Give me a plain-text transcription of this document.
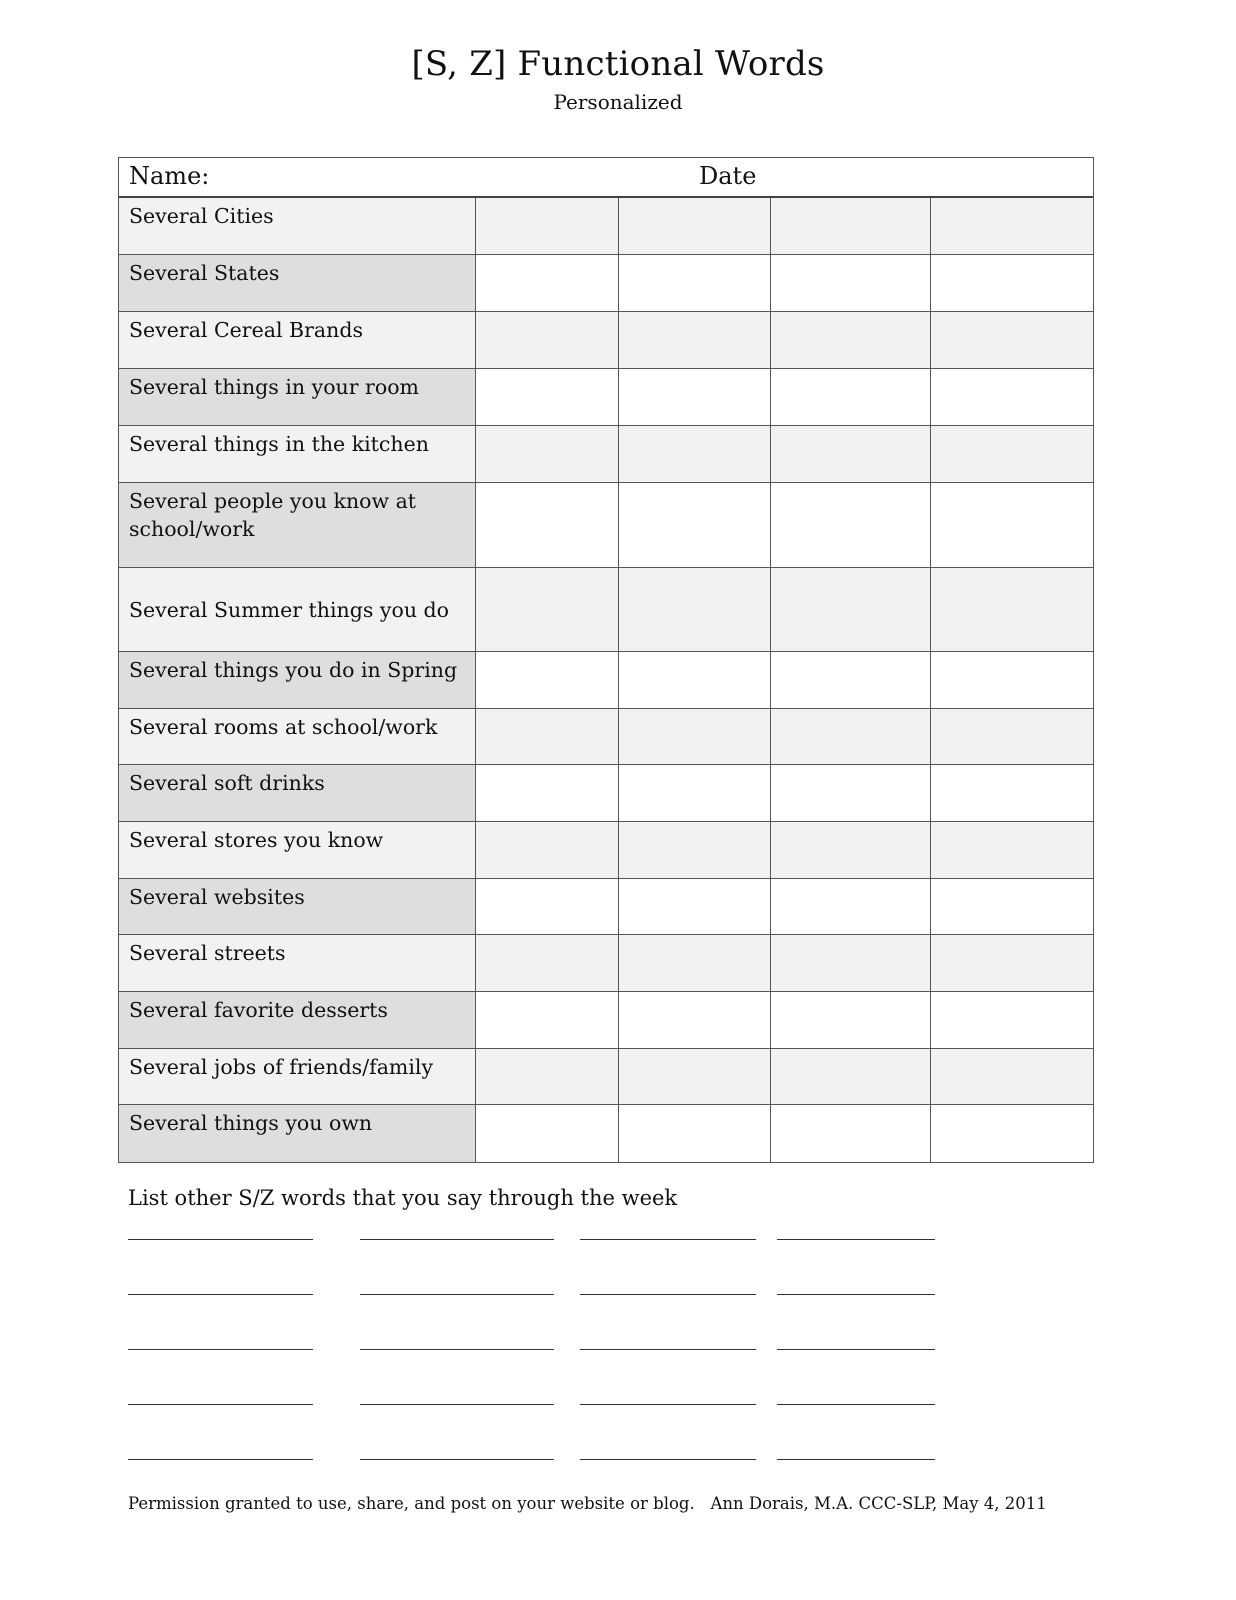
[S, Z] Functional Words
Personalized
Name:	Date
Several Cities
Several States
Several Cereal Brands
Several things in your room
Several things in the kitchen
Several people you know at school/work
Several Summer things you do
Several things you do in Spring
Several rooms at school/work
Several soft drinks
Several stores you know
Several websites
Several streets
Several favorite desserts
Several jobs of friends/family
Several things you own
List other S/Z words that you say through the week
Permission granted to use, share, and post on your website or blog.   Ann Dorais, M.A. CCC-SLP, May 4, 2011
